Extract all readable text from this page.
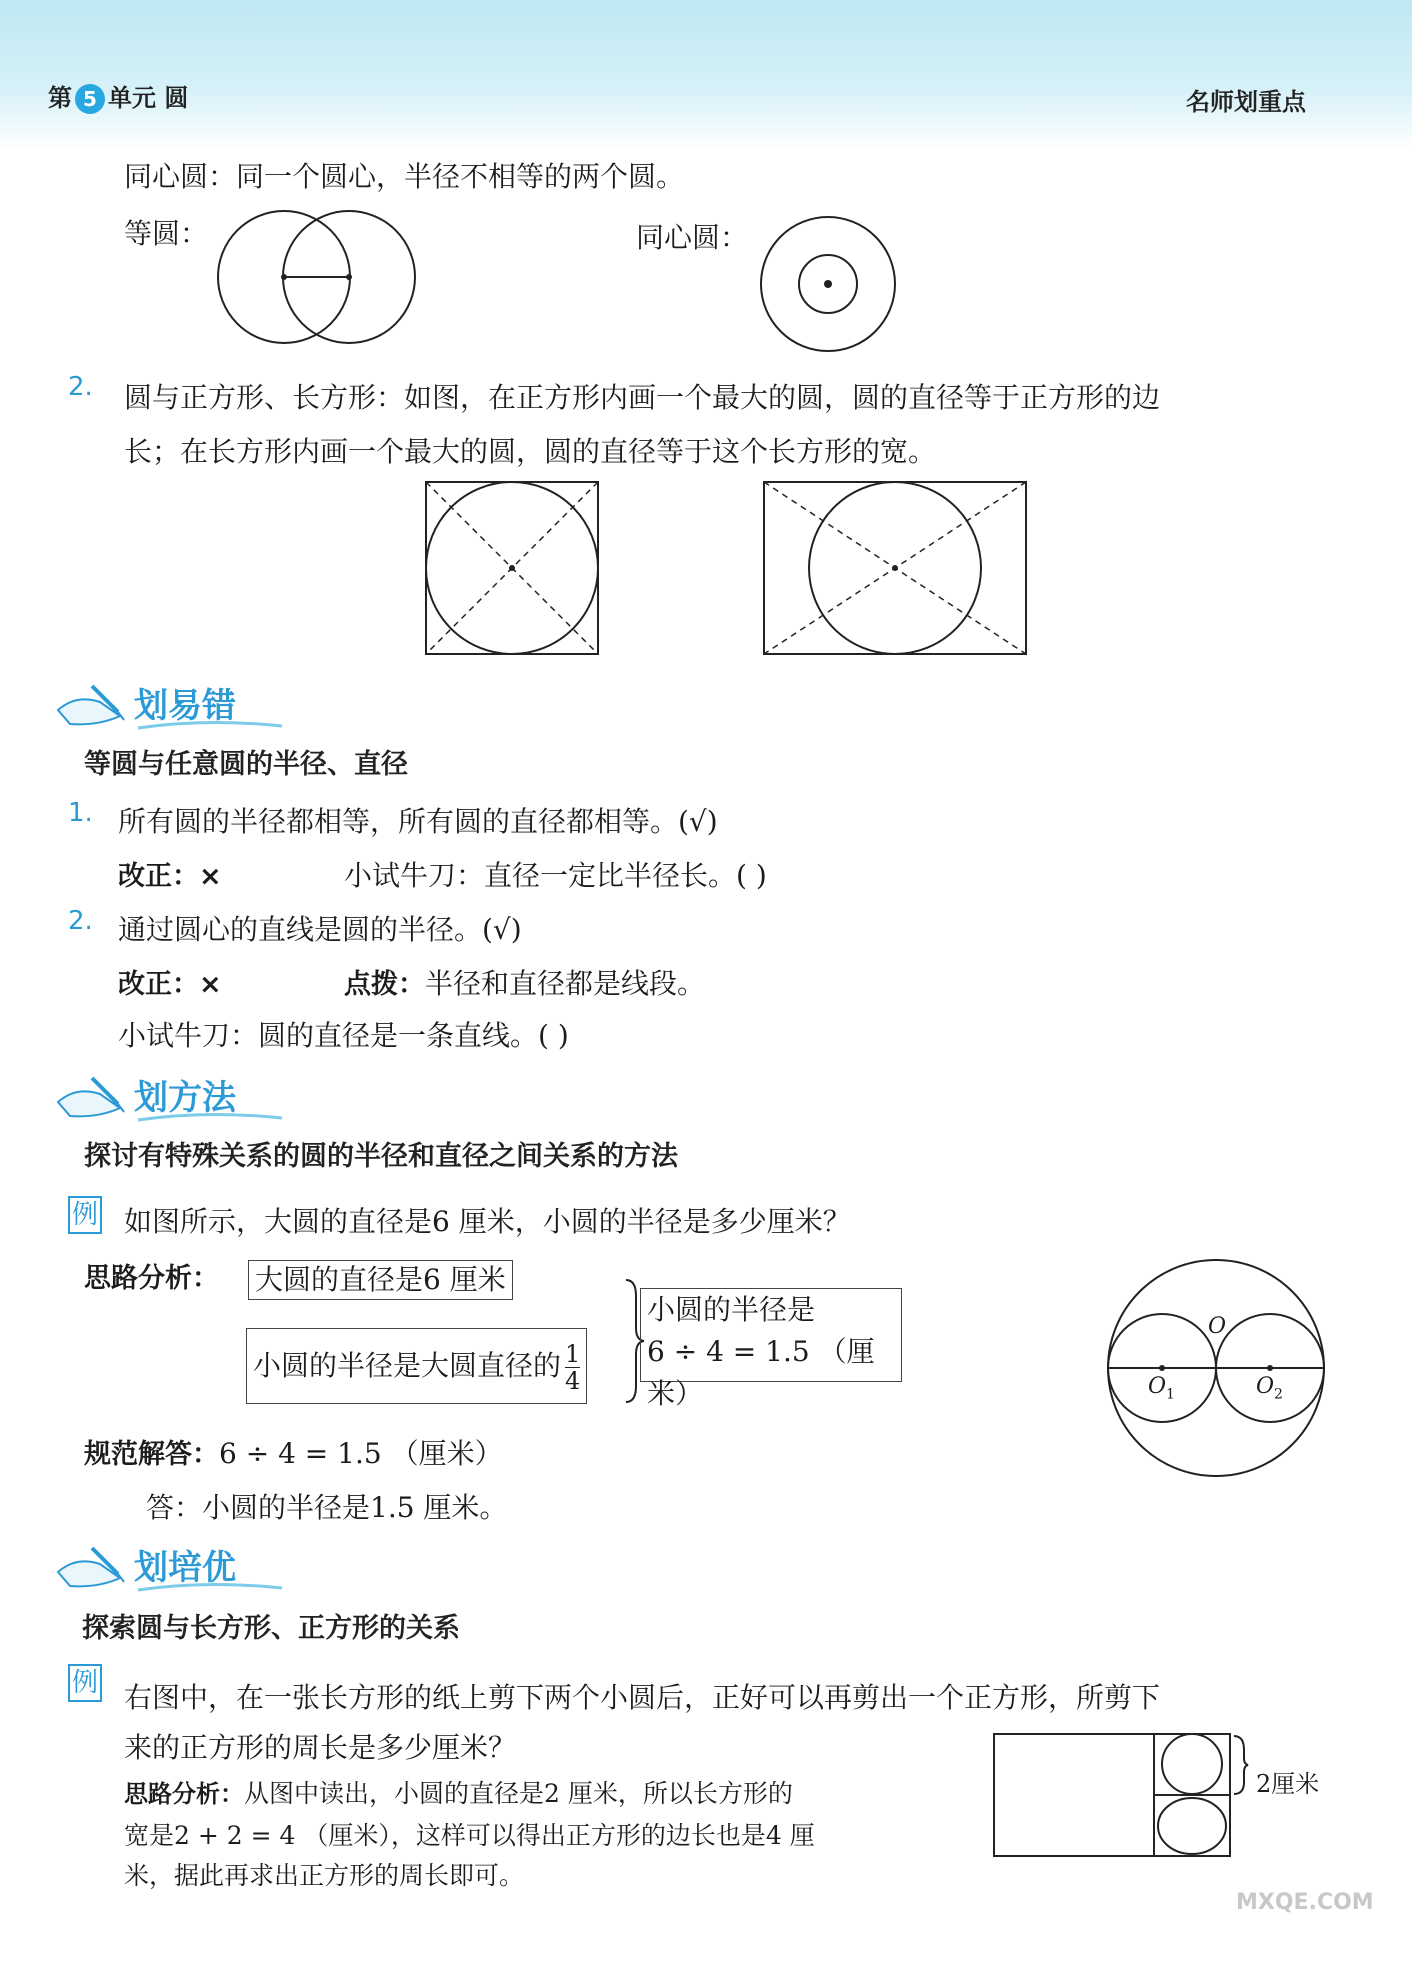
第 5 单元 圆	名师划重点
同心圆：同一个圆心，半径不相等的两个圆。
等圆：	同心圆：
2. 圆与正方形、长方形：如图，在正方形内画一个最大的圆，圆的直径等于正方形的边
长；在长方形内画一个最大的圆，圆的直径等于这个长方形的宽。
划易错
等圆与任意圆的半径、直径
1. 所有圆的半径都相等，所有圆的直径都相等。(√)
改正：×	小试牛刀：直径一定比半径长。( )
2. 通过圆心的直线是圆的半径。(√)
改正：×	点拨：半径和直径都是线段。
小试牛刀：圆的直径是一条直线。( )
划方法
探讨有特殊关系的圆的半径和直径之间关系的方法
例 如图所示，大圆的直径是6 厘米，小圆的半径是多少厘米？
思路分析： 大圆的直径是6 厘米
小圆的半径是大圆直径的 $\frac{1}{4}$
小圆的半径是
6 ÷ 4 = 1.5 （厘米）
O
$O_1$	$O_2$
规范解答：6 ÷ 4 = 1.5 （厘米）
答：小圆的半径是1.5 厘米。
划培优
探索圆与长方形、正方形的关系
例 右图中，在一张长方形的纸上剪下两个小圆后，正好可以再剪出一个正方形，所剪下
来的正方形的周长是多少厘米？
思路分析：从图中读出，小圆的直径是2 厘米，所以长方形的
宽是2 + 2 = 4 （厘米），这样可以得出正方形的边长也是4 厘
米，据此再求出正方形的周长即可。
2厘米
MXQE.COM
